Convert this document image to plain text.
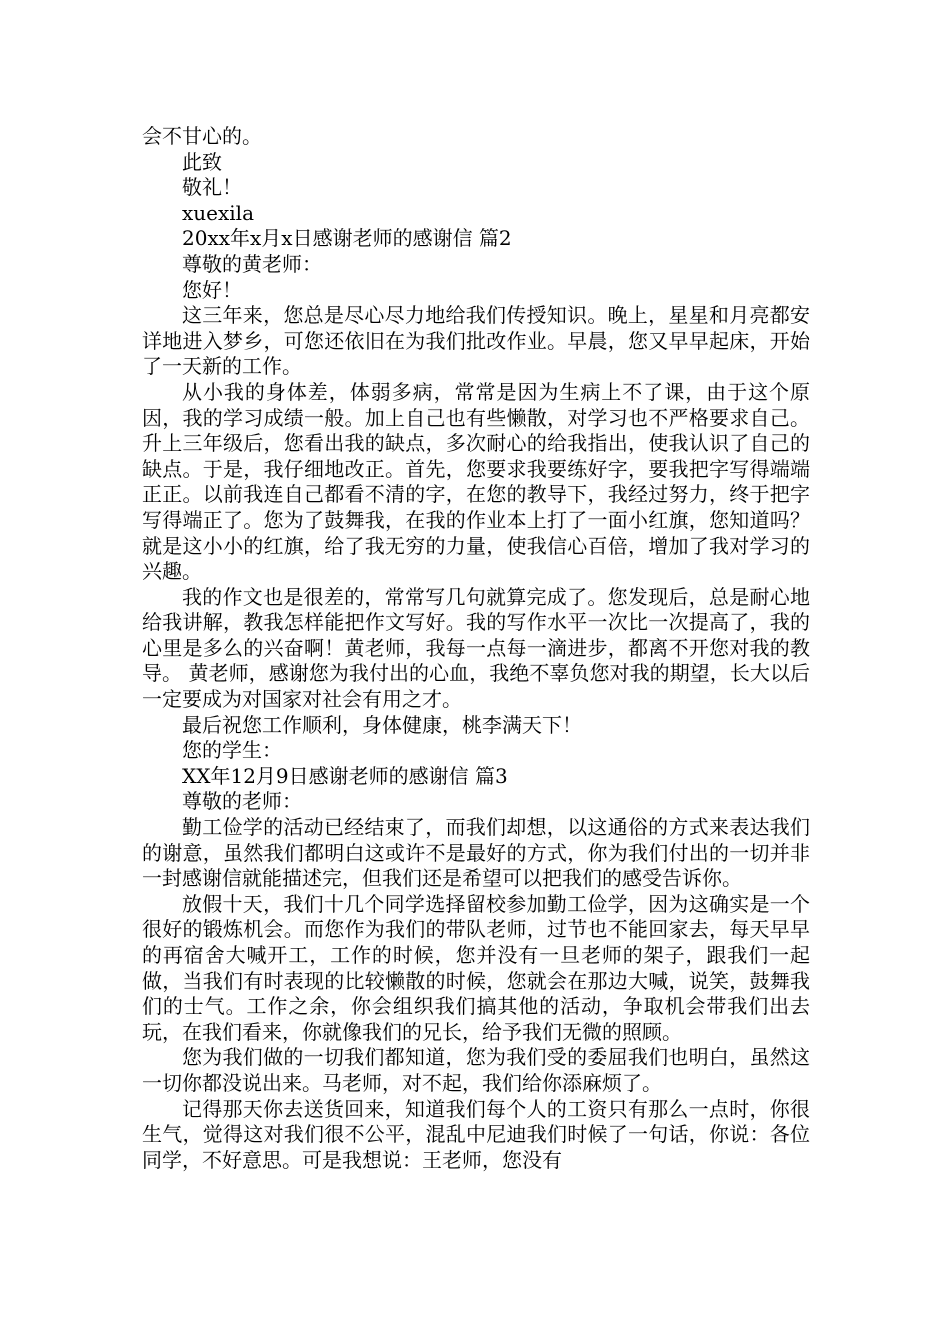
会不甘心的。

此致

敬礼！

xuexila

20xx年x月x日感谢老师的感谢信 篇2

尊敬的黄老师：

您好！

这三年来，您总是尽心尽力地给我们传授知识。晚上，星星和月亮都安详地进入梦乡，可您还依旧在为我们批改作业。早晨，您又早早起床，开始了一天新的工作。

从小我的身体差，体弱多病，常常是因为生病上不了课，由于这个原因，我的学习成绩一般。加上自己也有些懒散，对学习也不严格要求自己。升上三年级后，您看出我的缺点，多次耐心的给我指出，使我认识了自己的缺点。于是，我仔细地改正。首先，您要求我要练好字，要我把字写得端端正正。以前我连自己都看不清的字，在您的教导下，我经过努力，终于把字写得端正了。您为了鼓舞我，在我的作业本上打了一面小红旗，您知道吗？就是这小小的红旗，给了我无穷的力量，使我信心百倍，增加了我对学习的兴趣。

我的作文也是很差的，常常写几句就算完成了。您发现后，总是耐心地给我讲解，教我怎样能把作文写好。我的写作水平一次比一次提高了，我的心里是多么的兴奋啊！黄老师，我每一点每一滴进步，都离不开您对我的教导。 黄老师，感谢您为我付出的心血，我绝不辜负您对我的期望，长大以后一定要成为对国家对社会有用之才。

最后祝您工作顺利，身体健康，桃李满天下！

您的学生：

XX年12月9日感谢老师的感谢信 篇3

尊敬的老师：

勤工俭学的活动已经结束了，而我们却想，以这通俗的方式来表达我们的谢意，虽然我们都明白这或许不是最好的方式，你为我们付出的一切并非一封感谢信就能描述完，但我们还是希望可以把我们的感受告诉你。

放假十天，我们十几个同学选择留校参加勤工俭学，因为这确实是一个很好的锻炼机会。而您作为我们的带队老师，过节也不能回家去，每天早早的再宿舍大喊开工，工作的时候，您并没有一旦老师的架子，跟我们一起做，当我们有时表现的比较懒散的时候，您就会在那边大喊，说笑，鼓舞我们的士气。工作之余，你会组织我们搞其他的活动，争取机会带我们出去玩，在我们看来，你就像我们的兄长，给予我们无微的照顾。

您为我们做的一切我们都知道，您为我们受的委屈我们也明白，虽然这一切你都没说出来。马老师，对不起，我们给你添麻烦了。

记得那天你去送货回来，知道我们每个人的工资只有那么一点时，你很生气，觉得这对我们很不公平，混乱中尼迪我们时候了一句话，你说：各位同学，不好意思。可是我想说：王老师，您没有
